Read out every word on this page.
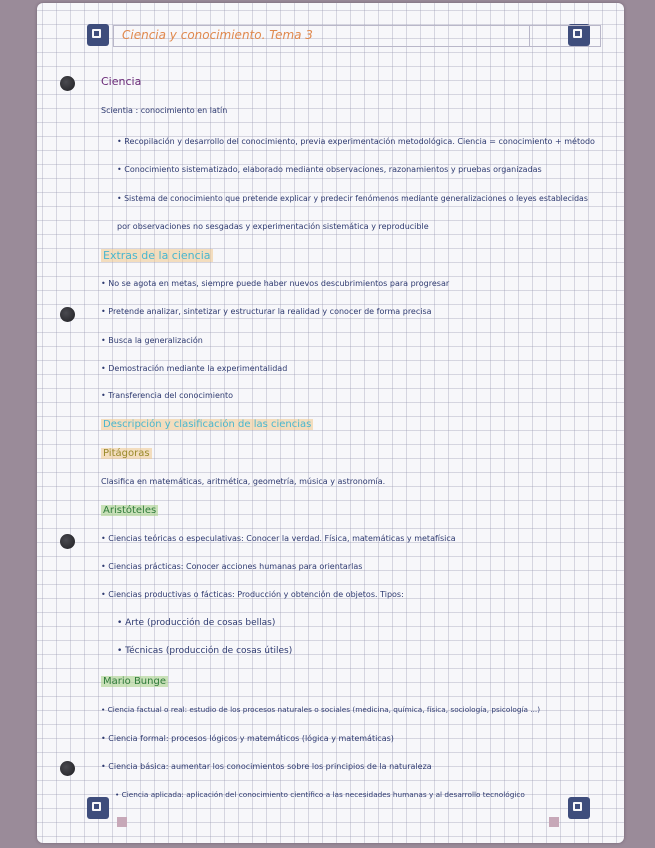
Ciencia y conocimiento. Tema 3
Ciencia
Scientia : conocimiento en latín
• Recopilación y desarrollo del conocimiento, previa experimentación metodológica. Ciencia = conocimiento + método
• Conocimiento sistematizado, elaborado mediante observaciones, razonamientos y pruebas organizadas
• Sistema de conocimiento que pretende explicar y predecir fenómenos mediante generalizaciones o leyes establecidas
por observaciones no sesgadas y experimentación sistemática y reproducible
Extras de la ciencia
• No se agota en metas, siempre puede haber nuevos descubrimientos para progresar
• Pretende analizar, sintetizar y estructurar la realidad y conocer de forma precisa
• Busca la generalización
• Demostración mediante la experimentalidad
• Transferencia del conocimiento
Descripción y clasificación de las ciencias
Pitágoras
Clasifica en matemáticas, aritmética, geometría, música y astronomía.
Aristóteles
• Ciencias teóricas o especulativas: Conocer la verdad. Física, matemáticas y metafísica
• Ciencias prácticas: Conocer acciones humanas para orientarlas
• Ciencias productivas o fácticas: Producción y obtención de objetos. Tipos:
• Arte (producción de cosas bellas)
• Técnicas (producción de cosas útiles)
Mario Bunge
• Ciencia factual o real: estudio de los procesos naturales o sociales (medicina, química, física, sociología, psicología ...)
• Ciencia formal: procesos lógicos y matemáticos (lógica y matemáticas)
• Ciencia básica: aumentar los conocimientos sobre los principios de la naturaleza
• Ciencia aplicada: aplicación del conocimiento científico a las necesidades humanas y al desarrollo tecnológico
